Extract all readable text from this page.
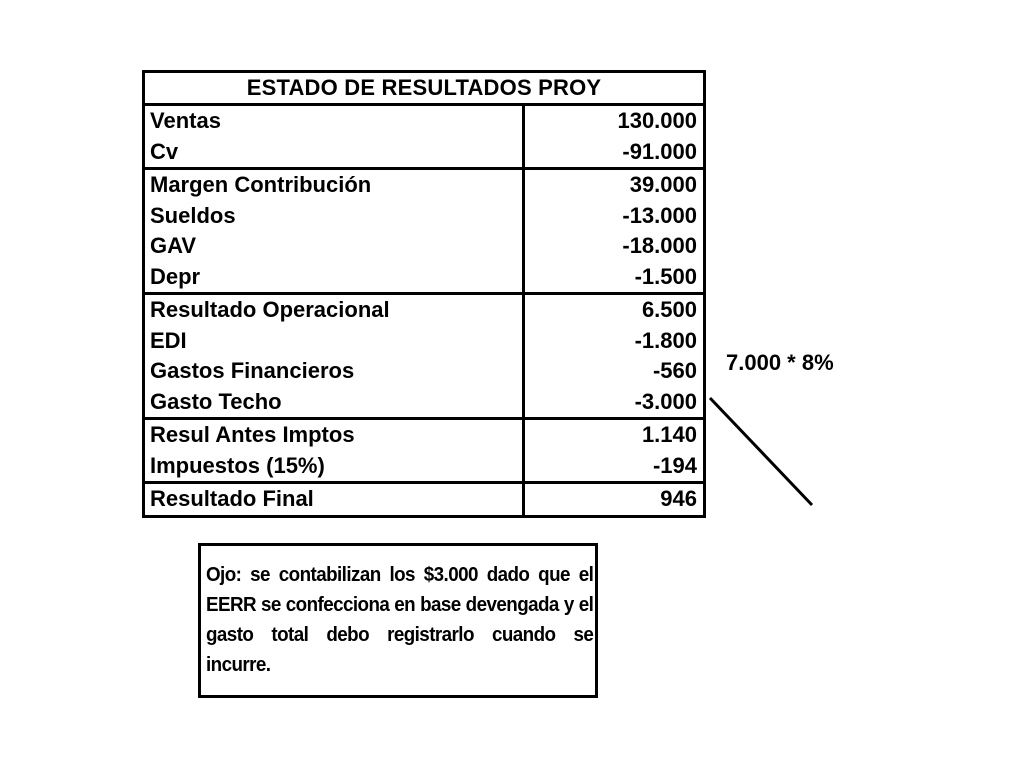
ESTADO DE RESULTADOS PROY
Ventas
Cv
130.000
-91.000
Margen Contribución
Sueldos
GAV
Depr
39.000
-13.000
-18.000
-1.500
Resultado Operacional
EDI
Gastos Financieros
Gasto Techo
6.500
-1.800
-560
-3.000
Resul Antes Imptos
Impuestos (15%)
1.140
-194
Resultado Final	946
7.000 * 8%
Ojo: se contabilizan los $3.000 dado que el EERR se confecciona en base devengada y el gasto total debo registrarlo cuando se incurre.
